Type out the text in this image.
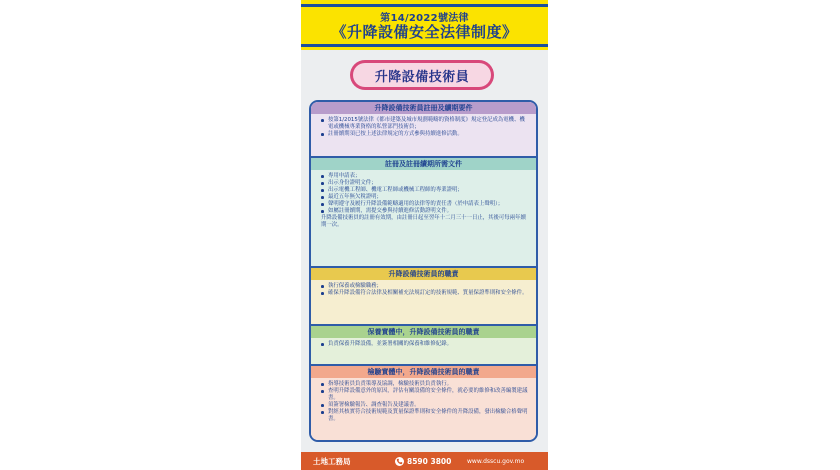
第14/2022號法律
《升降設備安全法律制度》
升降設備技術員
升降設備技術員註冊及續期要件
按第1/2015號法律《都市建築及城市規劃範疇的資格制度》規定登記成為電機、機電或機械專業資格的私營部門技術員；
註冊續期須已按上述法律規定的方式參與持續進修活動。
註冊及註冊續期所需文件
專用申請表；
出示身份證明文件；
出示電機工程師、機電工程師或機械工程師的專業證明；
最近五年無欠稅證明；
聲明遵守及履行升降設備範疇適用的法律等的責任書（於申請表上聲明）；
如屬註冊續期，需提交參與持續進修活動證明文件。
升降設備技術員的註冊有效期，由註冊日起至翌年十二月三十一日止，其後可每兩年續期一次。
升降設備技術員的職責
執行保養或檢驗職務；
確保升降設備符合法律及相關補充法規訂定的技術規範、質量保證準則和安全條件。
保養實體中，升降設備技術員的職責
負責保養升降設備，並簽署相關的保養和維修紀錄。
檢驗實體中，升降設備技術員的職責
指導技術員負責策導及協調，檢驗技術員負責執行。
查明升降設備意外的原因，評估有關設備的安全條件，就必要的維修和改善編製建議書。
須簽署檢驗報告、調查報告及建議書。
對經其核實符合技術規範及質量保證準則和安全條件的升降設備，發出檢驗合格聲明書。
土地工務局	8590 3800	www.dsscu.gov.mo
